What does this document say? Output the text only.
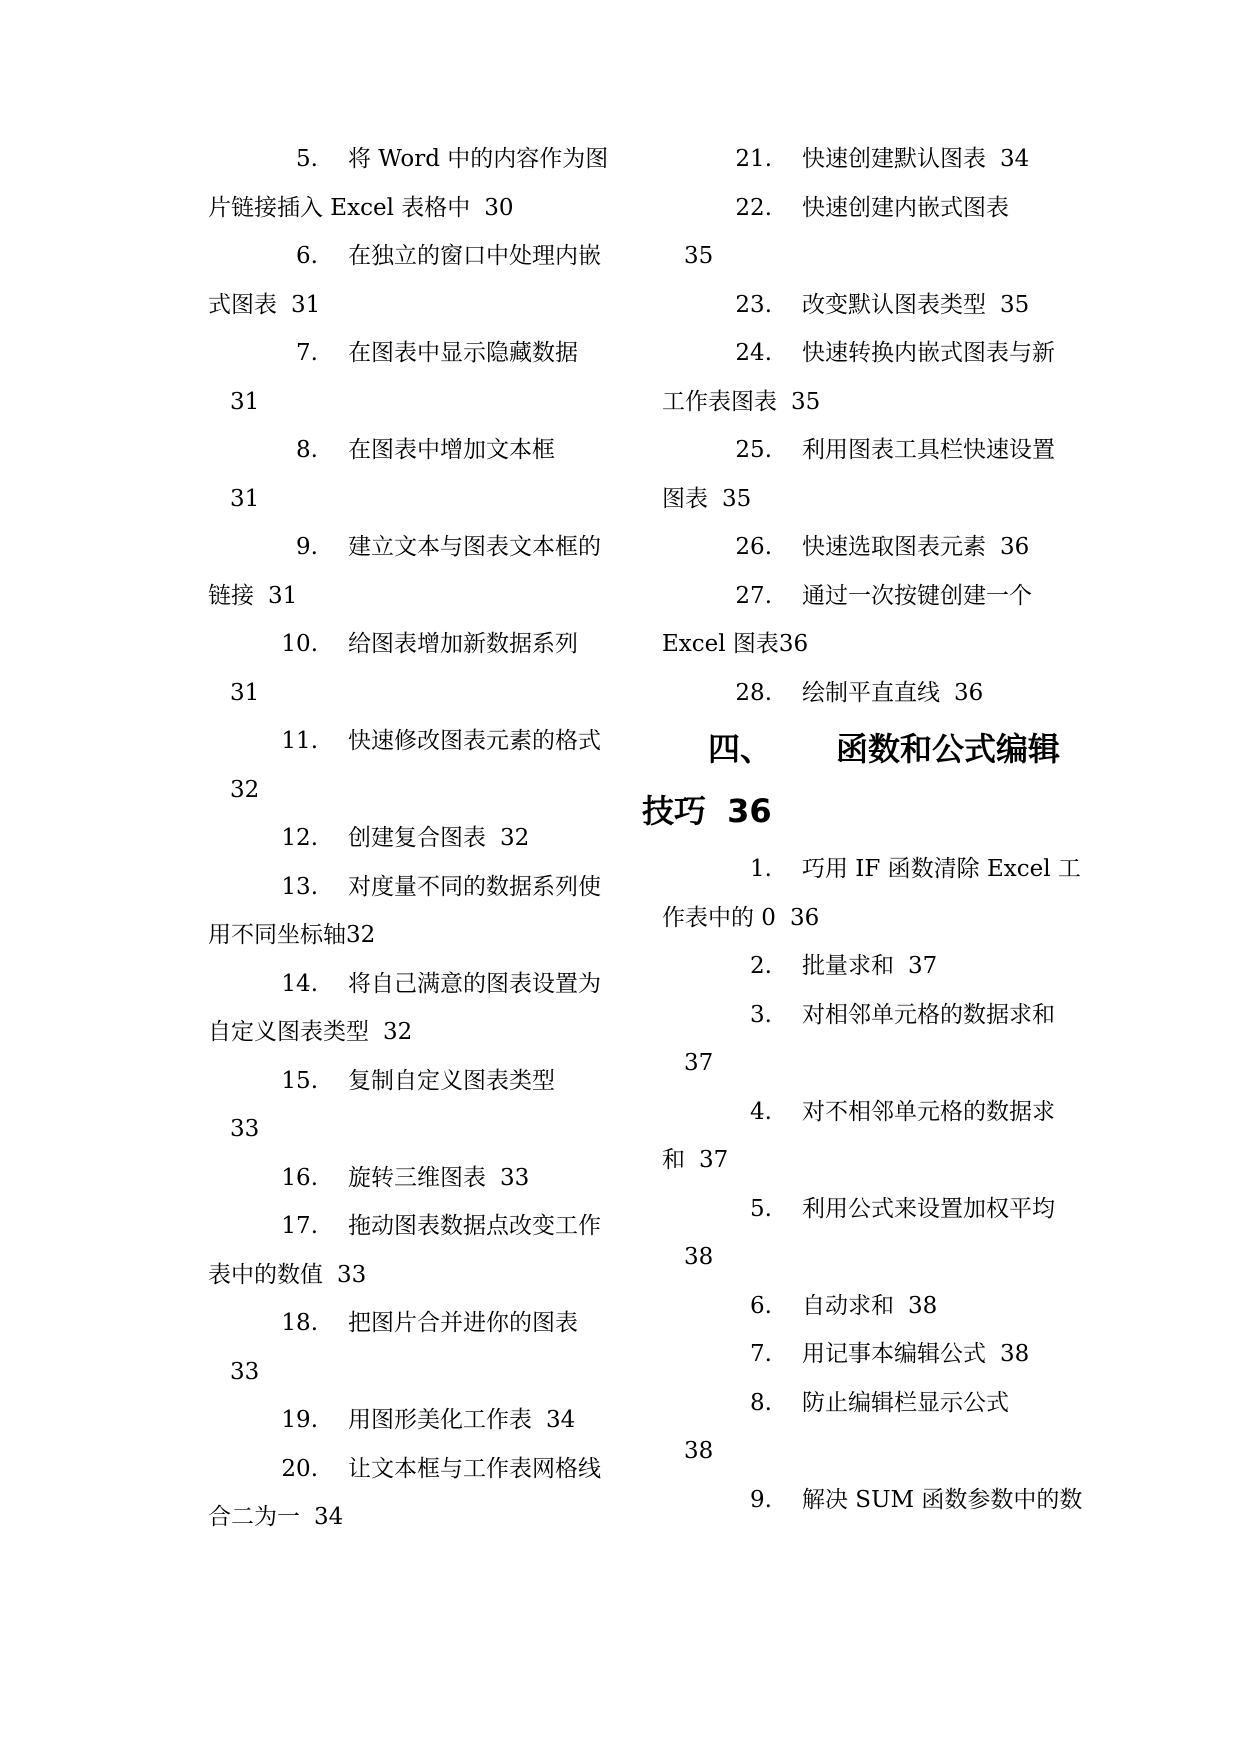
5. 将 Word 中的内容作为图
片链接插入 Excel 表格中 30
6. 在独立的窗口中处理内嵌
式图表 31
7. 在图表中显示隐藏数据
31
8. 在图表中增加文本框
31
9. 建立文本与图表文本框的
链接 31
10. 给图表增加新数据系列
31
11. 快速修改图表元素的格式
32
12. 创建复合图表 32
13. 对度量不同的数据系列使
用不同坐标轴32
14. 将自己满意的图表设置为
自定义图表类型 32
15. 复制自定义图表类型
33
16. 旋转三维图表 33
17. 拖动图表数据点改变工作
表中的数值 33
18. 把图片合并进你的图表
33
19. 用图形美化工作表 34
20. 让文本框与工作表网格线
合二为一 34
21. 快速创建默认图表 34
22. 快速创建内嵌式图表
35
23. 改变默认图表类型 35
24. 快速转换内嵌式图表与新
工作表图表 35
25. 利用图表工具栏快速设置
图表 35
26. 快速选取图表元素 36
27. 通过一次按键创建一个
Excel 图表36
28. 绘制平直直线 36
四、 函数和公式编辑
技巧 36
1. 巧用 IF 函数清除 Excel 工
作表中的 0 36
2. 批量求和 37
3. 对相邻单元格的数据求和
37
4. 对不相邻单元格的数据求
和 37
5. 利用公式来设置加权平均
38
6. 自动求和 38
7. 用记事本编辑公式 38
8. 防止编辑栏显示公式
38
9. 解决 SUM 函数参数中的数
